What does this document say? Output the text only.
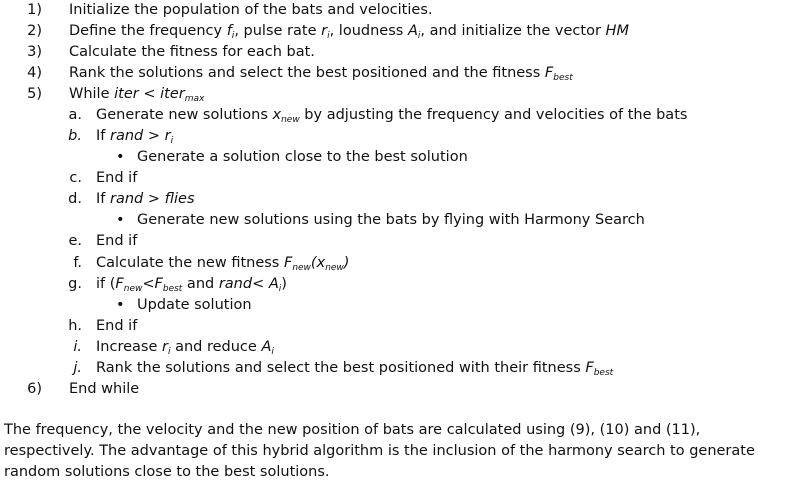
1) Initialize the population of the bats and velocities.
2) Define the frequency $f_i$, pulse rate $r_i$, loudness $A_i$, and initialize the vector HM
3) Calculate the fitness for each bat.
4) Rank the solutions and select the best positioned and the fitness $F_{best}$
5) While iter < iter$_{max}$
a. Generate new solutions $x_{new}$ by adjusting the frequency and velocities of the bats
b. If rand > $r_i$
• Generate a solution close to the best solution
c. End if
d. If rand > flies
• Generate new solutions using the bats by flying with Harmony Search
e. End if
f. Calculate the new fitness $F_{new}(x_{new})$
g. if ($F_{new}<F_{best}$ and rand< $A_i$)
• Update solution
h. End if
i. Increase $r_i$ and reduce $A_i$
j. Rank the solutions and select the best positioned with their fitness $F_{best}$
6) End while

The frequency, the velocity and the new position of bats are calculated using (9), (10) and (11), respectively. The advantage of this hybrid algorithm is the inclusion of the harmony search to generate random solutions close to the best solutions.
